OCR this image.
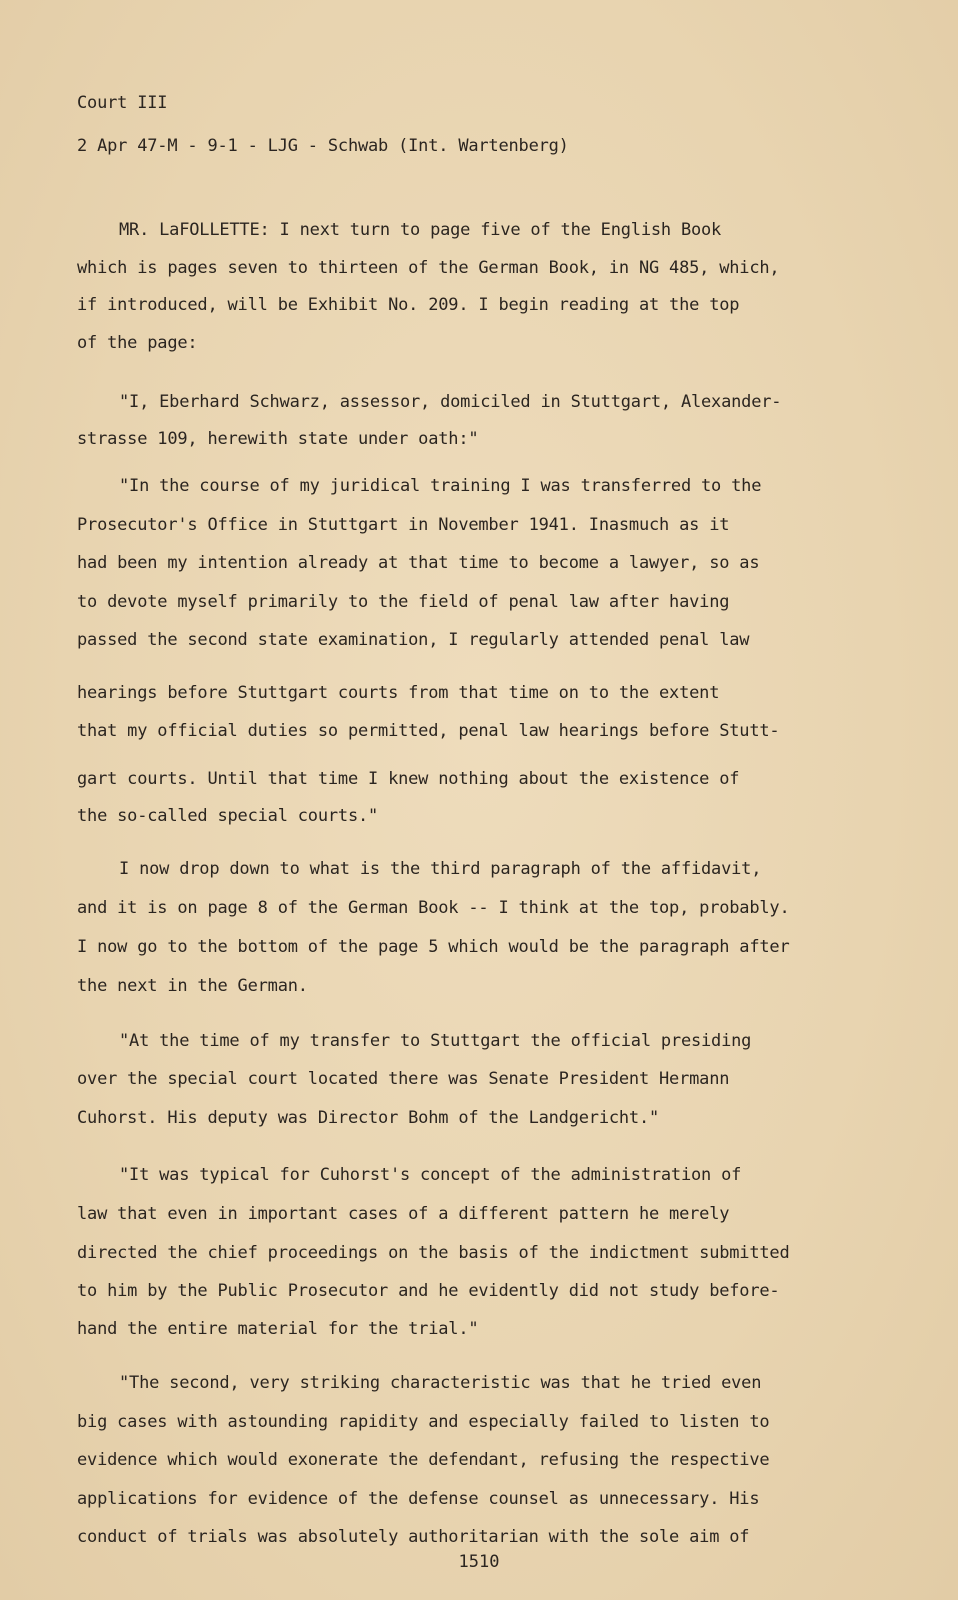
Court III
2 Apr 47-M - 9-1 - LJG - Schwab (Int. Wartenberg)
MR. LaFOLLETTE: I next turn to page five of the English Book
which is pages seven to thirteen of the German Book, in NG 485, which,
if introduced, will be Exhibit No. 209. I begin reading at the top
of the page:
"I, Eberhard Schwarz, assessor, domiciled in Stuttgart, Alexander-
strasse 109, herewith state under oath:"
"In the course of my juridical training I was transferred to the
Prosecutor's Office in Stuttgart in November 1941. Inasmuch as it
had been my intention already at that time to become a lawyer, so as
to devote myself primarily to the field of penal law after having
passed the second state examination, I regularly attended penal law
hearings before Stuttgart courts from that time on to the extent
that my official duties so permitted, penal law hearings before Stutt-
gart courts. Until that time I knew nothing about the existence of
the so-called special courts."
I now drop down to what is the third paragraph of the affidavit,
and it is on page 8 of the German Book -- I think at the top, probably.
I now go to the bottom of the page 5 which would be the paragraph after
the next in the German.
"At the time of my transfer to Stuttgart the official presiding
over the special court located there was Senate President Hermann
Cuhorst. His deputy was Director Bohm of the Landgericht."
"It was typical for Cuhorst's concept of the administration of
law that even in important cases of a different pattern he merely
directed the chief proceedings on the basis of the indictment submitted
to him by the Public Prosecutor and he evidently did not study before-
hand the entire material for the trial."
"The second, very striking characteristic was that he tried even
big cases with astounding rapidity and especially failed to listen to
evidence which would exonerate the defendant, refusing the respective
applications for evidence of the defense counsel as unnecessary. His
conduct of trials was absolutely authoritarian with the sole aim of
1510
